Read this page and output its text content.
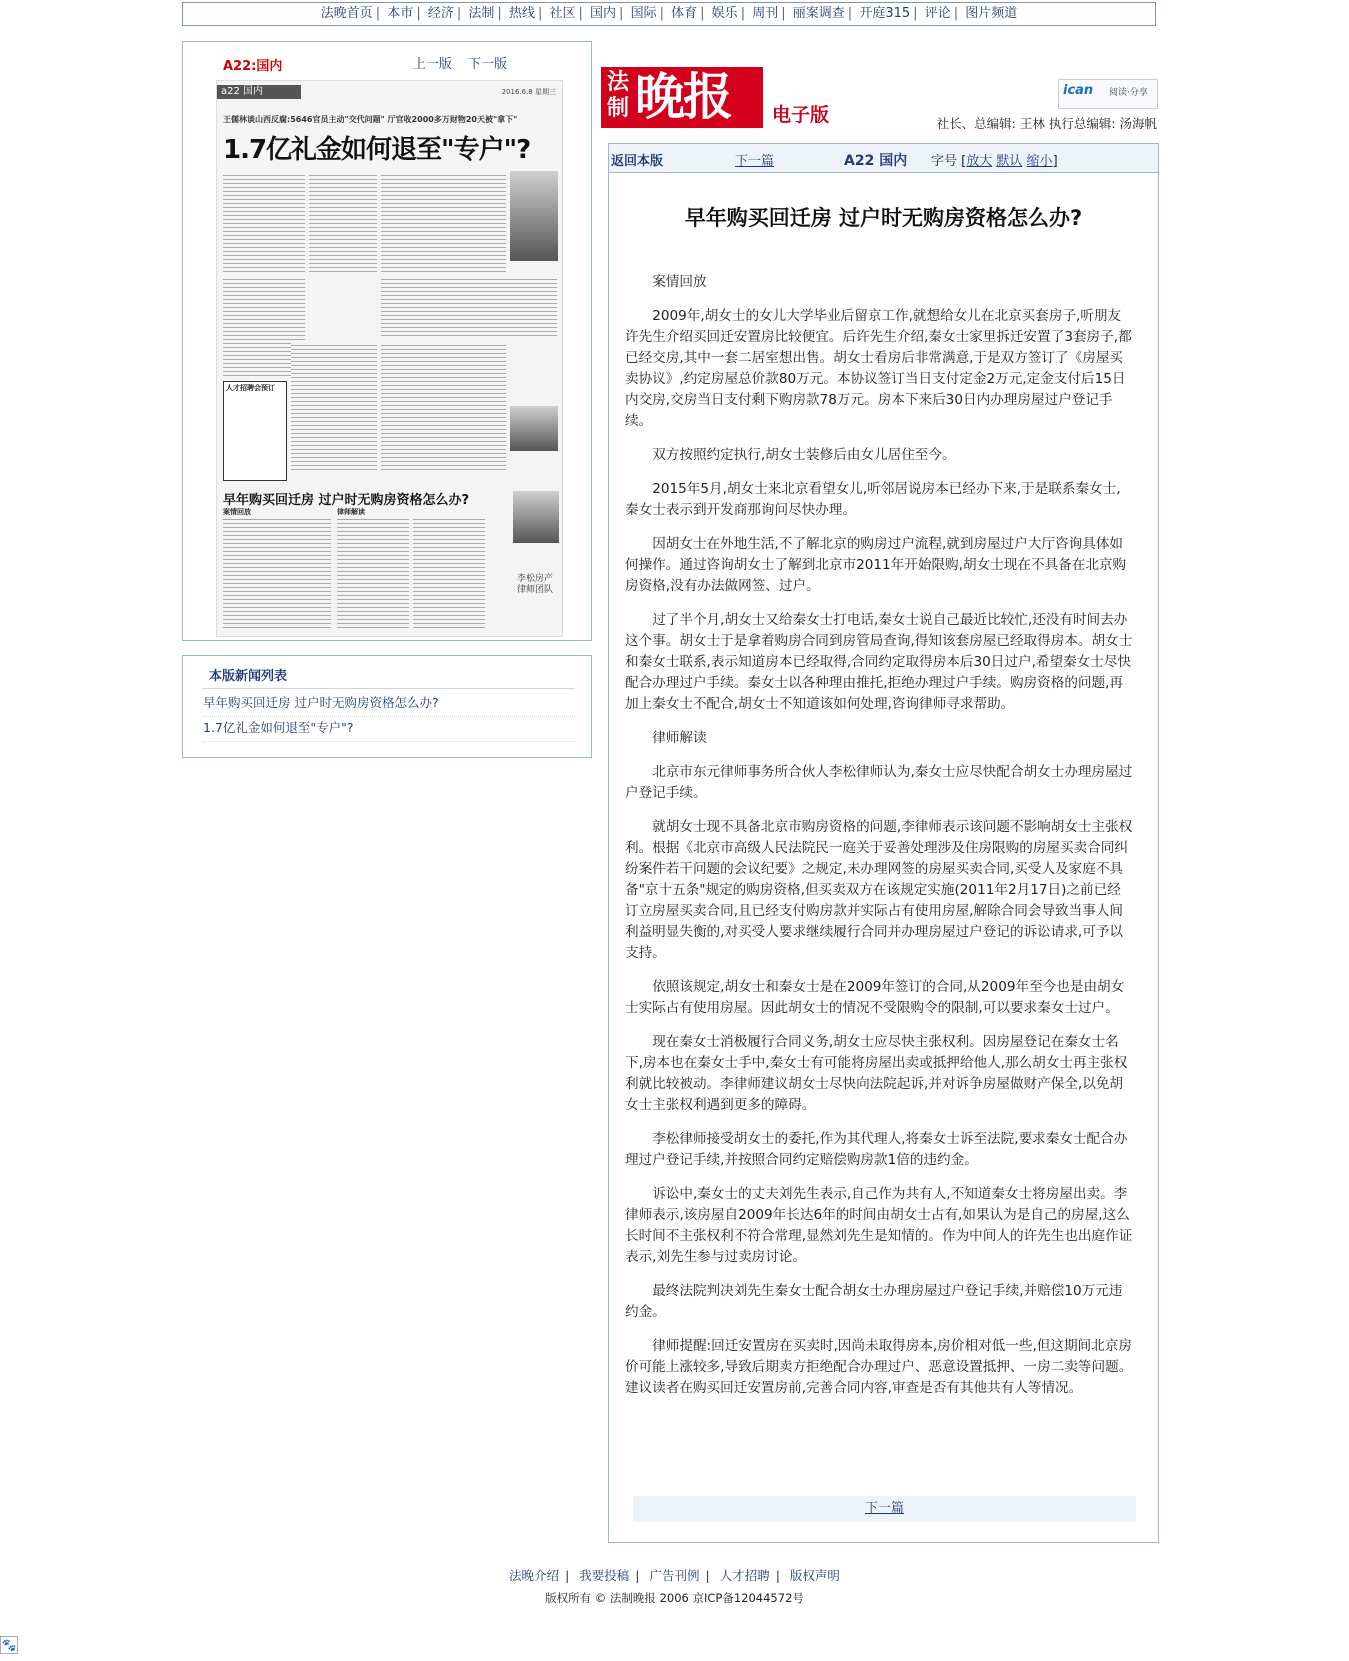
法晚首页 | 本市 | 经济 | 法制 | 热线 | 社区 | 国内 | 国际 | 体育 | 娱乐 | 周刊 | 丽案调查 | 开庭315 | 评论 | 图片频道
A22:国内	上一版 下一版
a22 国内	2016.6.8 星期三
王儒林谈山西反腐:5646官员主动"交代问题" 厅官收2000多万财物20天被"拿下"
1.7亿礼金如何退至"专户"?
人才招聘会预订
早年购买回迁房 过户时无购房资格怎么办?
案情回放	律师解读
李松房产律师团队
本版新闻列表
早年购买回迁房 过户时无购房资格怎么办?
1.7亿礼金如何退至"专户"?
法制 晚报 电子版
ican 阅读·分享
社长、总编辑: 王林 执行总编辑: 汤海帆
返回本版	下一篇	A22 国内 字号 [放大 默认 缩小]
早年购买回迁房 过户时无购房资格怎么办?

案情回放

2009年,胡女士的女儿大学毕业后留京工作,就想给女儿在北京买套房子,听朋友许先生介绍买回迁安置房比较便宜。后许先生介绍,秦女士家里拆迁安置了3套房子,都已经交房,其中一套二居室想出售。胡女士看房后非常满意,于是双方签订了《房屋买卖协议》,约定房屋总价款80万元。本协议签订当日支付定金2万元,定金支付后15日内交房,交房当日支付剩下购房款78万元。房本下来后30日内办理房屋过户登记手续。

双方按照约定执行,胡女士装修后由女儿居住至今。

2015年5月,胡女士来北京看望女儿,听邻居说房本已经办下来,于是联系秦女士,秦女士表示到开发商那询问尽快办理。

因胡女士在外地生活,不了解北京的购房过户流程,就到房屋过户大厅咨询具体如何操作。通过咨询胡女士了解到北京市2011年开始限购,胡女士现在不具备在北京购房资格,没有办法做网签、过户。

过了半个月,胡女士又给秦女士打电话,秦女士说自己最近比较忙,还没有时间去办这个事。胡女士于是拿着购房合同到房管局查询,得知该套房屋已经取得房本。胡女士和秦女士联系,表示知道房本已经取得,合同约定取得房本后30日过户,希望秦女士尽快配合办理过户手续。秦女士以各种理由推托,拒绝办理过户手续。购房资格的问题,再加上秦女士不配合,胡女士不知道该如何处理,咨询律师寻求帮助。

律师解读

北京市东元律师事务所合伙人李松律师认为,秦女士应尽快配合胡女士办理房屋过户登记手续。

就胡女士现不具备北京市购房资格的问题,李律师表示该问题不影响胡女士主张权利。根据《北京市高级人民法院民一庭关于妥善处理涉及住房限购的房屋买卖合同纠纷案件若干问题的会议纪要》之规定,未办理网签的房屋买卖合同,买受人及家庭不具备"京十五条"规定的购房资格,但买卖双方在该规定实施(2011年2月17日)之前已经订立房屋买卖合同,且已经支付购房款并实际占有使用房屋,解除合同会导致当事人间利益明显失衡的,对买受人要求继续履行合同并办理房屋过户登记的诉讼请求,可予以支持。

依照该规定,胡女士和秦女士是在2009年签订的合同,从2009年至今也是由胡女士实际占有使用房屋。因此胡女士的情况不受限购令的限制,可以要求秦女士过户。

现在秦女士消极履行合同义务,胡女士应尽快主张权利。因房屋登记在秦女士名下,房本也在秦女士手中,秦女士有可能将房屋出卖或抵押给他人,那么胡女士再主张权利就比较被动。李律师建议胡女士尽快向法院起诉,并对诉争房屋做财产保全,以免胡女士主张权利遇到更多的障碍。

李松律师接受胡女士的委托,作为其代理人,将秦女士诉至法院,要求秦女士配合办理过户登记手续,并按照合同约定赔偿购房款1倍的违约金。

诉讼中,秦女士的丈夫刘先生表示,自己作为共有人,不知道秦女士将房屋出卖。李律师表示,该房屋自2009年长达6年的时间由胡女士占有,如果认为是自己的房屋,这么长时间不主张权利不符合常理,显然刘先生是知情的。作为中间人的许先生也出庭作证表示,刘先生参与过卖房讨论。

最终法院判决刘先生秦女士配合胡女士办理房屋过户登记手续,并赔偿10万元违约金。

律师提醒:回迁安置房在买卖时,因尚未取得房本,房价相对低一些,但这期间北京房价可能上涨较多,导致后期卖方拒绝配合办理过户、恶意设置抵押、一房二卖等问题。建议读者在购买回迁安置房前,完善合同内容,审查是否有其他共有人等情况。

下一篇
法晚介绍 | 我要投稿 | 广告刊例 | 人才招聘 | 版权声明
版权所有 © 法制晚报 2006 京ICP备12044572号
🐾
